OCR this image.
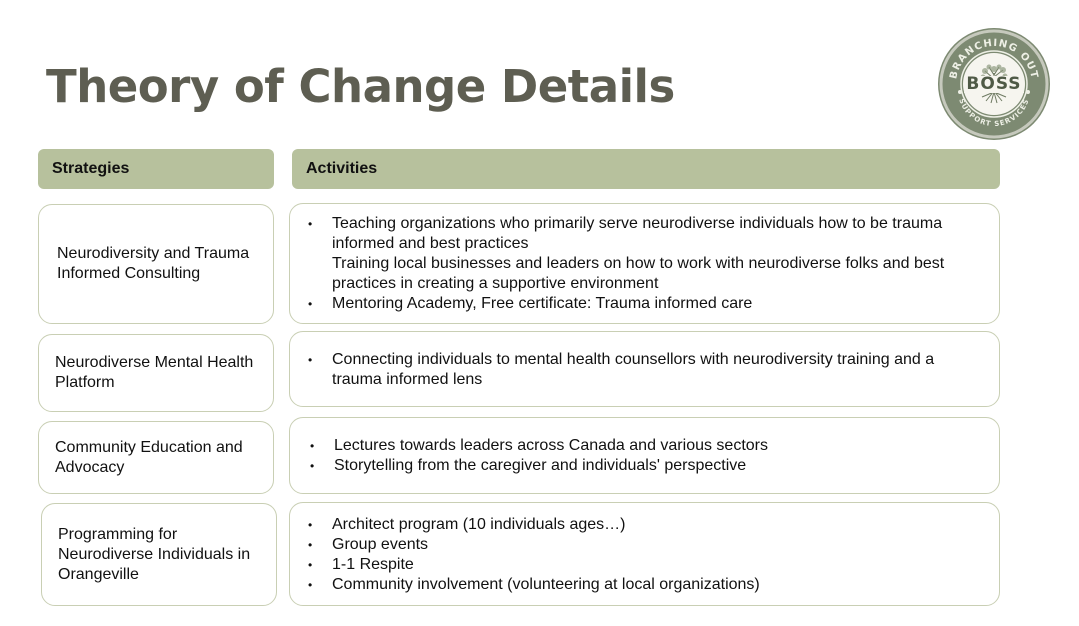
Theory of Change Details	BRANCHING OUT
SUPPORT SERVICES
BOSS
Strategies	Activities
Neurodiversity and Trauma Informed Consulting
• Teaching organizations who primarily serve neurodiverse individuals how to be trauma informed and best practices
Training local businesses and leaders on how to work with neurodiverse folks and best practices in creating a supportive environment
• Mentoring Academy, Free certificate: Trauma informed care
Neurodiverse Mental Health Platform
• Connecting individuals to mental health counsellors with neurodiversity training and a trauma informed lens
Community Education and Advocacy
• Lectures towards leaders across Canada and various sectors
• Storytelling from the caregiver and individuals' perspective
Programming for Neurodiverse Individuals in Orangeville
• Architect program (10 individuals ages…)
• Group events
• 1-1 Respite
• Community involvement (volunteering at local organizations)
